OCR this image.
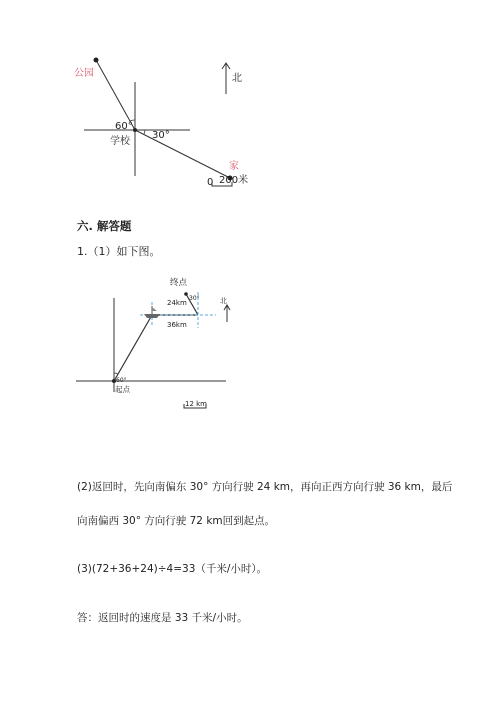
公园	北
60°
30°
学校
家
0 200米
六. 解答题
1.（1）如下图。
终点
24km
30°	北
36km
60°
起点
12 km
(2)返回时，先向南偏东 30° 方向行驶 24 km，再向正西方向行驶 36 km，最后
向南偏西 30° 方向行驶 72 km回到起点。
(3)(72+36+24)÷4=33（千米/小时）。
答：返回时的速度是 33 千米/小时。
